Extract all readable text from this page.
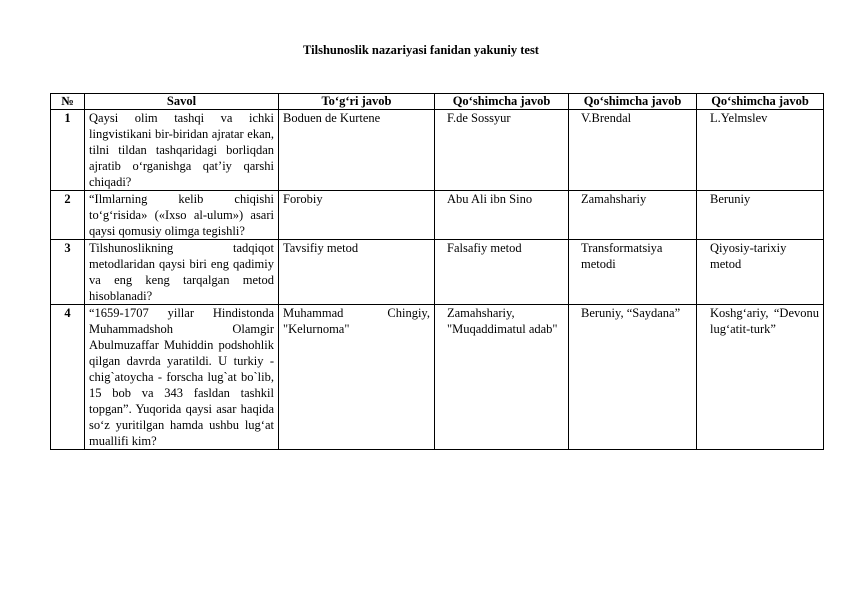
Tilshunoslik nazariyasi fanidan yakuniy test
№	Savol	To‘g‘ri javob	Qo‘shimcha javob	Qo‘shimcha javob	Qo‘shimcha javob
1	Qaysi olim tashqi va ichki lingvistikani bir-biridan ajratar ekan, tilni tildan tashqaridagi borliqdan ajratib o‘rganishga qat’iy qarshi chiqadi?	Boduen de Kurtene	F.de Sossyur	V.Brendal	L.Yelmslev
2	“Ilmlarning kelib chiqishi to‘g‘risida» («Ixso al-ulum») asari qaysi qomusiy olimga tegishli?	Forobiy	Abu Ali ibn Sino	Zamahshariy	Beruniy
3	Tilshunoslikning tadqiqot metodlaridan qaysi biri eng qadimiy va eng keng tarqalgan metod hisoblanadi?	Tavsifiy metod	Falsafiy metod	Transformatsiya metodi	Qiyosiy-tarixiy metod
4	“1659-1707 yillar Hindistonda Muhammadshoh Olamgir Abulmuzaffar Muhiddin podshohlik qilgan davrda yaratildi. U turkiy - chig`atoycha - forscha lug`at bo`lib, 15 bob va 343 fasldan tashkil topgan”. Yuqorida qaysi asar haqida so‘z yuritilgan hamda ushbu lug‘at muallifi kim?	Muhammad Chingiy, "Kelurnoma"	Zamahshariy, "Muqaddimatul adab"	Beruniy, “Saydana”	Koshg‘ariy, “Devonu lug‘atit-turk”
